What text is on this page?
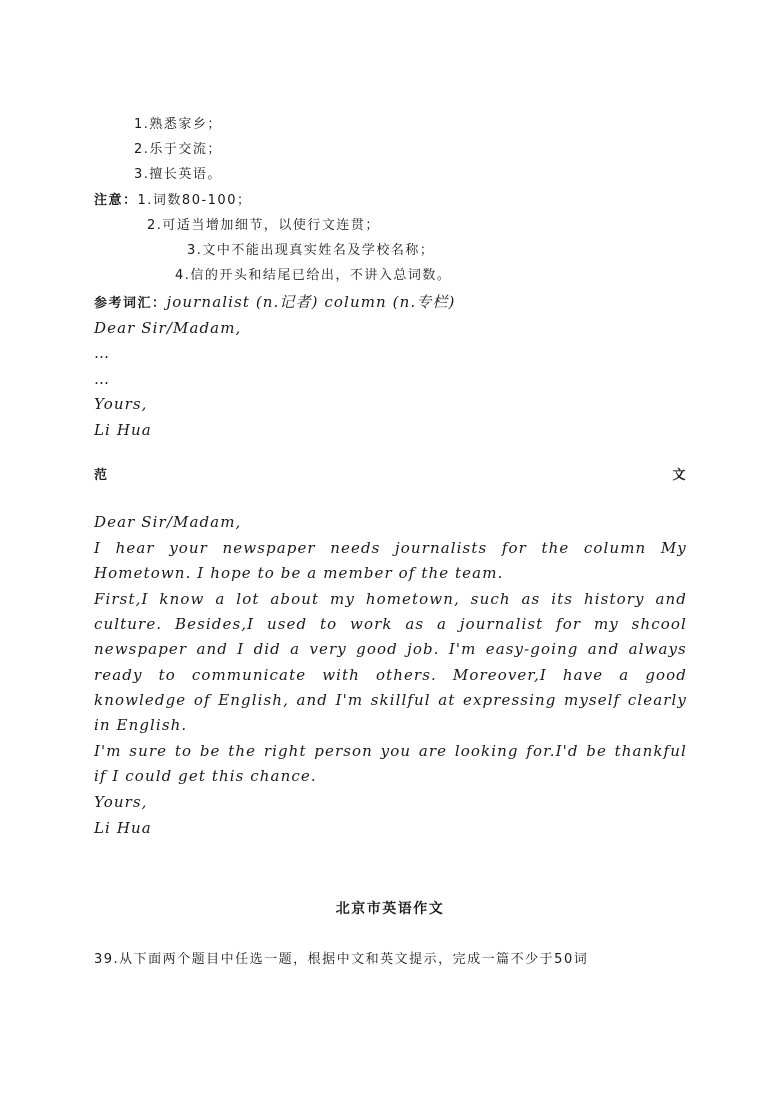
1.熟悉家乡；
2.乐于交流；
3.擅长英语。
注意：1.词数80-100；
2.可适当增加细节，以使行文连贯；
3.文中不能出现真实姓名及学校名称；
4.信的开头和结尾已给出，不讲入总词数。
参考词汇：journalist (n.记者) column (n.专栏)
Dear Sir/Madam,
…
…
Yours,
Li Hua
范	文
Dear Sir/Madam,
I hear your newspaper needs journalists for the column My
Hometown. I hope to be a member of the team.
First,I know a lot about my hometown, such as its history and
culture. Besides,I used to work as a journalist for my shcool
newspaper and I did a very good job. I'm easy-going and always
ready to communicate with others. Moreover,I have a good
knowledge of English, and I'm skillful at expressing myself clearly
in English.
I'm sure to be the right person you are looking for.I'd be thankful
if I could get this chance.
Yours,
Li Hua
北京市英语作文
39.从下面两个题目中任选一题，根据中文和英文提示，完成一篇不少于50词
